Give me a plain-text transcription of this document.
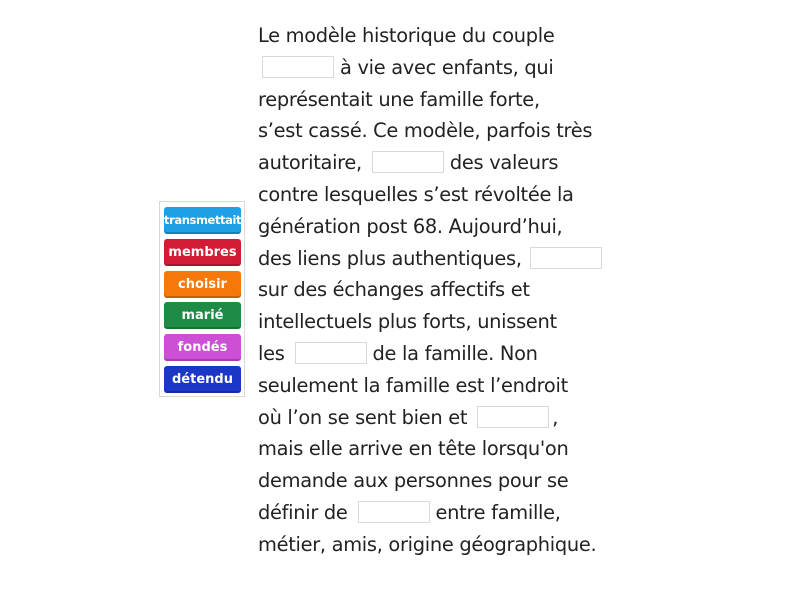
transmettait
membres
choisir
marié
fondés
détendu
Le modèle historique du couple
à vie avec enfants, qui
représentait une famille forte,
s’est cassé. Ce modèle, parfois très
autoritaire,	des valeurs
contre lesquelles s’est révoltée la
génération post 68. Aujourd’hui,
des liens plus authentiques,
sur des échanges affectifs et
intellectuels plus forts, unissent
les	de la famille. Non
seulement la famille est l’endroit
où l’on se sent bien et	,
mais elle arrive en tête lorsqu'on
demande aux personnes pour se
définir de	entre famille,
métier, amis, origine géographique.
